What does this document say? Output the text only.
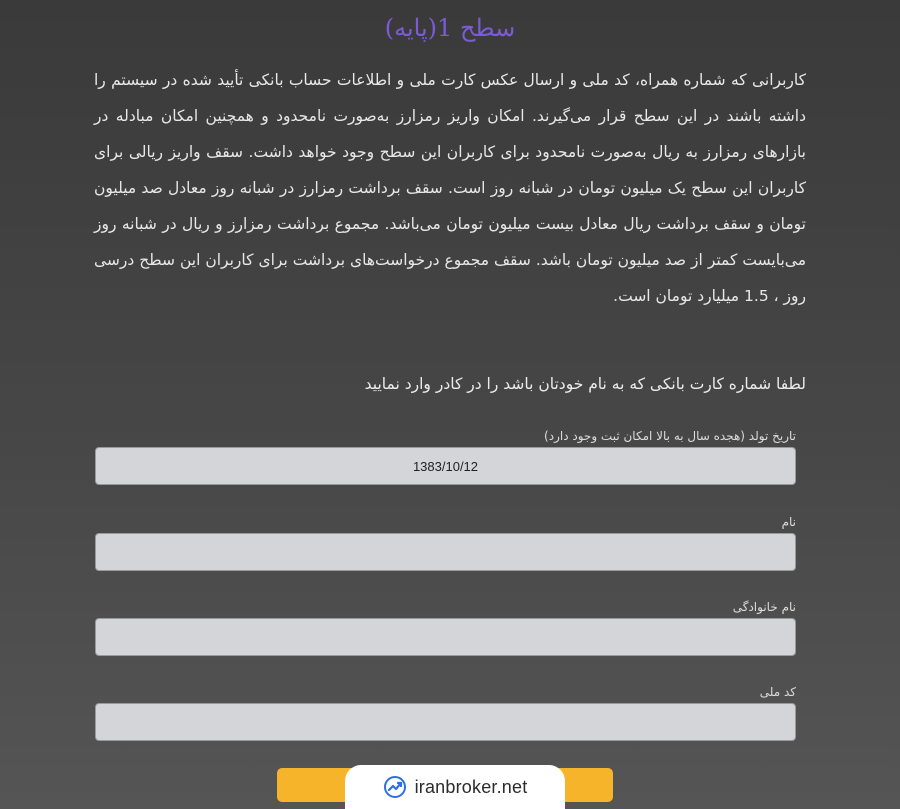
سطح 1(پایه)
کاربرانی که شماره همراه، کد ملی و ارسال عکس کارت ملی و اطلاعات حساب بانکی تأیید شده در سیستم را داشته باشند در این سطح قرار می‌گیرند. امکان واریز رمزارز به‌صورت نامحدود و همچنین امکان مبادله در بازارهای رمزارز به ریال به‌صورت نامحدود برای کاربران این سطح وجود خواهد داشت. سقف واریز ریالی برای کاربران این سطح یک میلیون تومان در شبانه روز است. سقف برداشت رمزارز در شبانه روز معادل صد میلیون تومان و سقف برداشت ریال معادل بیست میلیون تومان می‌باشد. مجموع برداشت رمزارز و ریال در شبانه روز می‌بایست کمتر از صد میلیون تومان باشد. سقف مجموع درخواست‌های برداشت برای کاربران این سطح درسی روز ، 1.5 میلیارد تومان است.
لطفا شماره کارت بانکی که به نام خودتان باشد را در کادر وارد نمایید
تاریخ تولد (هجده سال به بالا امکان ثبت وجود دارد)
1383/10/12
نام
نام خانوادگی
کد ملی
iranbroker.net
